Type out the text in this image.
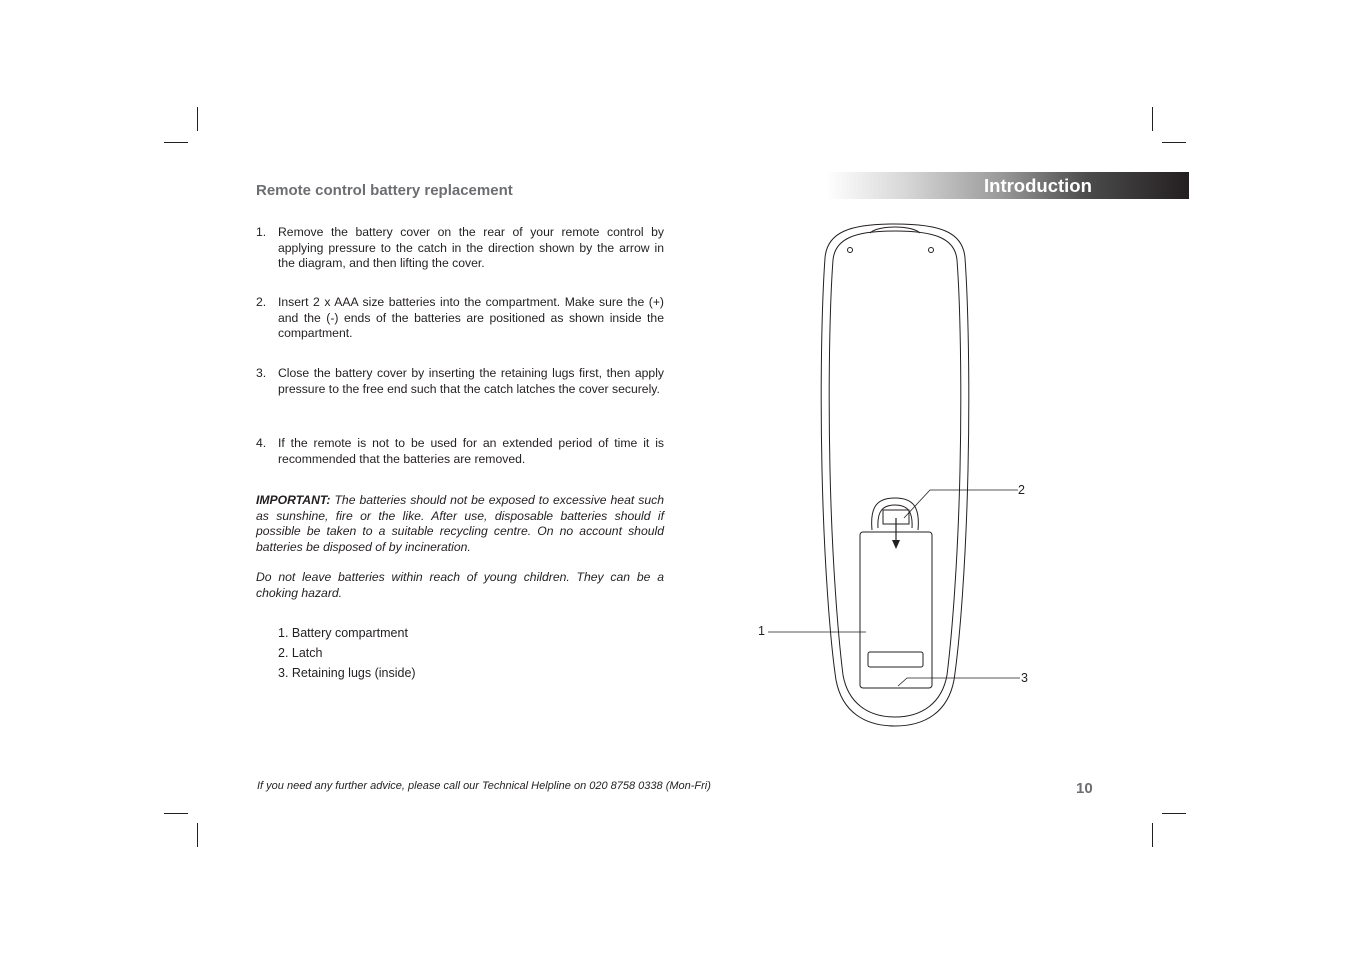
Remote control battery replacement
1. Remove the battery cover on the rear of your remote control by applying pressure to the catch in the direction shown by the arrow in the diagram, and then lifting the cover.
2. Insert 2 x AAA size batteries into the compartment. Make sure the (+) and the (-) ends of the batteries are positioned as shown inside the compartment.
3. Close the battery cover by inserting the retaining lugs first, then apply pressure to the free end such that the catch latches the cover securely.
4. If the remote is not to be used for an extended period of time it is recommended that the batteries are removed.

IMPORTANT: The batteries should not be exposed to excessive heat such as sunshine, fire or the like. After use, disposable batteries should if possible be taken to a suitable recycling centre. On no account should batteries be disposed of by incineration.

Do not leave batteries within reach of young children. They can be a choking hazard.

1. Battery compartment
2. Latch
3. Retaining lugs (inside)
Introduction
1
2
3

If you need any further advice, please call our Technical Helpline on 020 8758 0338 (Mon-Fri)	10
